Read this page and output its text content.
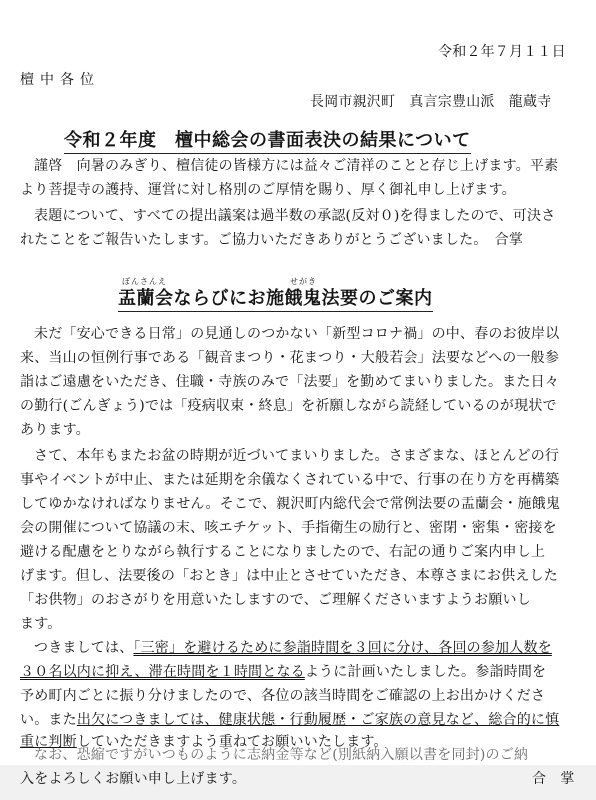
令和２年７月１１日
檀中各位
長岡市親沢町　真言宗豊山派　龍蔵寺
令和２年度　檀中総会の書面表決の結果について
謹啓　向暑のみぎり、檀信徒の皆様方には益々ご清祥のことと存じ上げます。平素
より菩提寺の護持、運営に対し格別のご厚情を賜り、厚く御礼申し上げます。
表題について、すべての提出議案は過半数の承認(反対０)を得ましたので、可決さ
れたことをご報告いたします。ご協力いただきありがとうございました。　合掌
ぼんさんえ	せがき
盂蘭会ならびにお施餓鬼法要のご案内
未だ「安心できる日常」の見通しのつかない「新型コロナ禍」の中、春のお彼岸以
来、当山の恒例行事である「観音まつり・花まつり・大般若会」法要などへの一般参
詣はご遠慮をいただき、住職・寺族のみで「法要」を勤めてまいりました。また日々
の勤行(ごんぎょう)では「疫病収束・終息」を祈願しながら読経しているのが現状で
あります。
さて、本年もまたお盆の時期が近づいてまいりました。さまざまな、ほとんどの行
事やイベントが中止、または延期を余儀なくされている中で、行事の在り方を再構築
してゆかなければなりません。そこで、親沢町内総代会で常例法要の盂蘭会・施餓鬼
会の開催について協議の末、咳エチケット、手指衛生の励行と、密閉・密集・密接を
避ける配慮をとりながら執行することになりましたので、右記の通りご案内申し上
げます。但し、法要後の「おとき」は中止とさせていただき、本尊さまにお供えした
「お供物」のおさがりを用意いたしますので、ご理解くださいますようお願いし
ます。
つきましては、「三密」を避けるために参詣時間を３回に分け、各回の参加人数を
３０名以内に抑え、滞在時間を１時間となるように計画いたしました。参詣時間を
予め町内ごとに振り分けましたので、各位の該当時間をご確認の上お出かけくださ
い。また出欠につきましては、健康状態・行動履歴・ご家族の意見など、総合的に慎
重に判断していただきますよう重ねてお願いいたします。
なお、恐縮ですがいつものように志納金等など(別紙納入願以書を同封)のご納
入をよろしくお願い申し上げます。	合　掌
